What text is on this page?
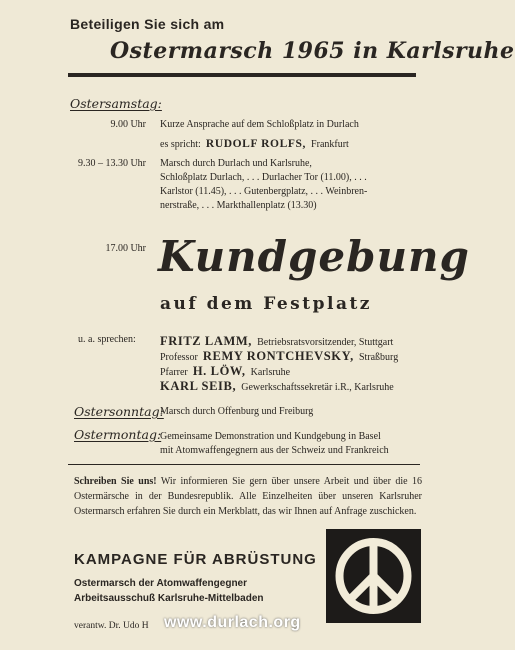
Beteiligen Sie sich am
Ostermarsch 1965 in Karlsruhe
Ostersamstag:
9.00 Uhr Kurze Ansprache auf dem Schloßplatz in Durlach
es spricht: RUDOLF ROLFS, Frankfurt
9.30 – 13.30 Uhr Marsch durch Durlach und Karlsruhe,
Schloßplatz Durlach, . . . Durlacher Tor (11.00), . . .
Karlstor (11.45), . . . Gutenbergplatz, . . . Weinbren-
nerstraße, . . . Markthallenplatz (13.30)
17.00 Uhr Kundgebung
auf dem Festplatz
u. a. sprechen: FRITZ LAMM, Betriebsratsvorsitzender, Stuttgart
Professor REMY RONTCHEVSKY, Straßburg
Pfarrer H. LÖW, Karlsruhe
KARL SEIB, Gewerkschaftssekretär i.R., Karlsruhe
Ostersonntag:
Marsch durch Offenburg und Freiburg
Ostermontag:
Gemeinsame Demonstration und Kundgebung in Basel
mit Atomwaffengegnern aus der Schweiz und Frankreich
Schreiben Sie uns! Wir informieren Sie gern über unsere Arbeit und über die 16 Ostermärsche in der Bundesrepublik. Alle Einzelheiten über unseren Karlsruher Ostermarsch erfahren Sie durch ein Merkblatt, das wir Ihnen auf Anfrage zuschicken.
KAMPAGNE FÜR ABRÜSTUNG
Ostermarsch der Atomwaffengegner
Arbeitsausschuß Karlsruhe-Mittelbaden
verantw. Dr. Udo H www.durlach.org
